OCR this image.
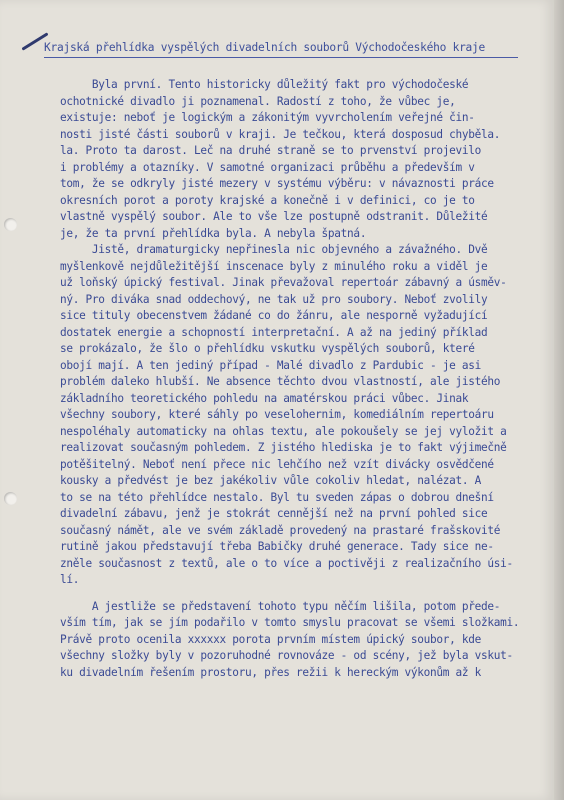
Krajská přehlídka vyspělých divadelních souborů Východočeského kraje

Byla první. Tento historicky důležitý fakt pro východočeské

ochotnické divadlo ji poznamenal. Radostí z toho, že vůbec je,

existuje: neboť je logickým a zákonitým vyvrcholením veřejné čin-

nosti jisté části souborů v kraji. Je tečkou, která dosposud chyběla.

la. Proto ta darost. Leč na druhé straně se to prvenství projevilo

i problémy a otazníky. V samotné organizaci průběhu a především v

tom, že se odkryly jisté mezery v systému výběru: v návaznosti práce

okresních porot a poroty krajské a konečně i v definici, co je to

vlastně vyspělý soubor. Ale to vše lze postupně odstranit. Důležité

je, že ta první přehlídka byla. A nebyla špatná.

Jistě, dramaturgicky nepřinesla nic objevného a závažného. Dvě

myšlenkově nejdůležitější inscenace byly z minulého roku a viděl je

už loňský úpický festival. Jinak převažoval repertoár zábavný a úsměv-

ný. Pro diváka snad oddechový, ne tak už pro soubory. Neboť zvolily

sice tituly obecenstvem žádané co do žánru, ale nesporně vyžadující

dostatek energie a schopností interpretační. A až na jediný příklad

se prokázalo, že šlo o přehlídku vskutku vyspělých souborů, které

obojí mají. A ten jediný případ - Malé divadlo z Pardubic - je asi

problém daleko hlubší. Ne absence těchto dvou vlastností, ale jistého

základního teoretického pohledu na amatérskou práci vůbec. Jinak

všechny soubory, které sáhly po veselohernim, komediálním repertoáru

nespoléhaly automaticky na ohlas textu, ale pokoušely se jej vyložit a

realizovat současným pohledem. Z jistého hlediska je to fakt výjimečně

potěšitelný. Neboť není přece nic lehčího než vzít divácky osvědčené

kousky a předvést je bez jakékoliv vůle cokoliv hledat, nalézat. A

to se na této přehlídce nestalo. Byl tu sveden zápas o dobrou dnešní

divadelní zábavu, jenž je stokrát cennější než na první pohled sice

současný námět, ale ve svém základě provedený na prastaré frašskovité

rutině jakou představují třeba Babičky druhé generace. Tady sice ne-

zněle současnost z textů, ale o to více a poctivěji z realizačního úsi-

lí.

A jestliže se představení tohoto typu něčím lišila, potom přede-

vším tím, jak se jím podařilo v tomto smyslu pracovat se všemi složkami.

Právě proto ocenila xxxxxx porota prvním místem úpický soubor, kde

všechny složky byly v pozoruhodné rovnováze - od scény, jež byla vskut-

ku divadelním řešením prostoru, přes režii k hereckým výkonům až k
